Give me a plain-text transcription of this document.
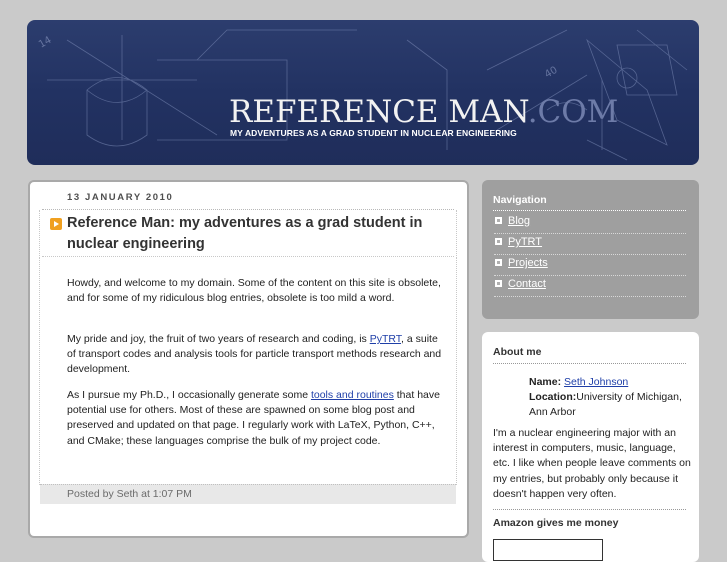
14
40
REFERENCE MAN.COM
MY ADVENTURES AS A GRAD STUDENT IN NUCLEAR ENGINEERING
13 JANUARY 2010
Reference Man: my adventures as a grad student in nuclear engineering

Howdy, and welcome to my domain. Some of the content on this site is obsolete, and for some of my ridiculous blog entries, obsolete is too mild a word.

My pride and joy, the fruit of two years of research and coding, is PyTRT, a suite of transport codes and analysis tools for particle transport methods research and development.

As I pursue my Ph.D., I occasionally generate some tools and routines that have potential use for others. Most of these are spawned on some blog post and preserved and updated on that page. I regularly work with LaTeX, Python, C++, and CMake; these languages comprise the bulk of my project code.

Posted by Seth at 1:07 PM
Navigation
Blog
PyTRT
Projects
Contact
About me
Name: Seth Johnson
Location:University of Michigan, Ann Arbor
I'm a nuclear engineering major with an interest in computers, music, language, etc. I like when people leave comments on my entries, but probably only because it doesn't happen very often.
Amazon gives me money
